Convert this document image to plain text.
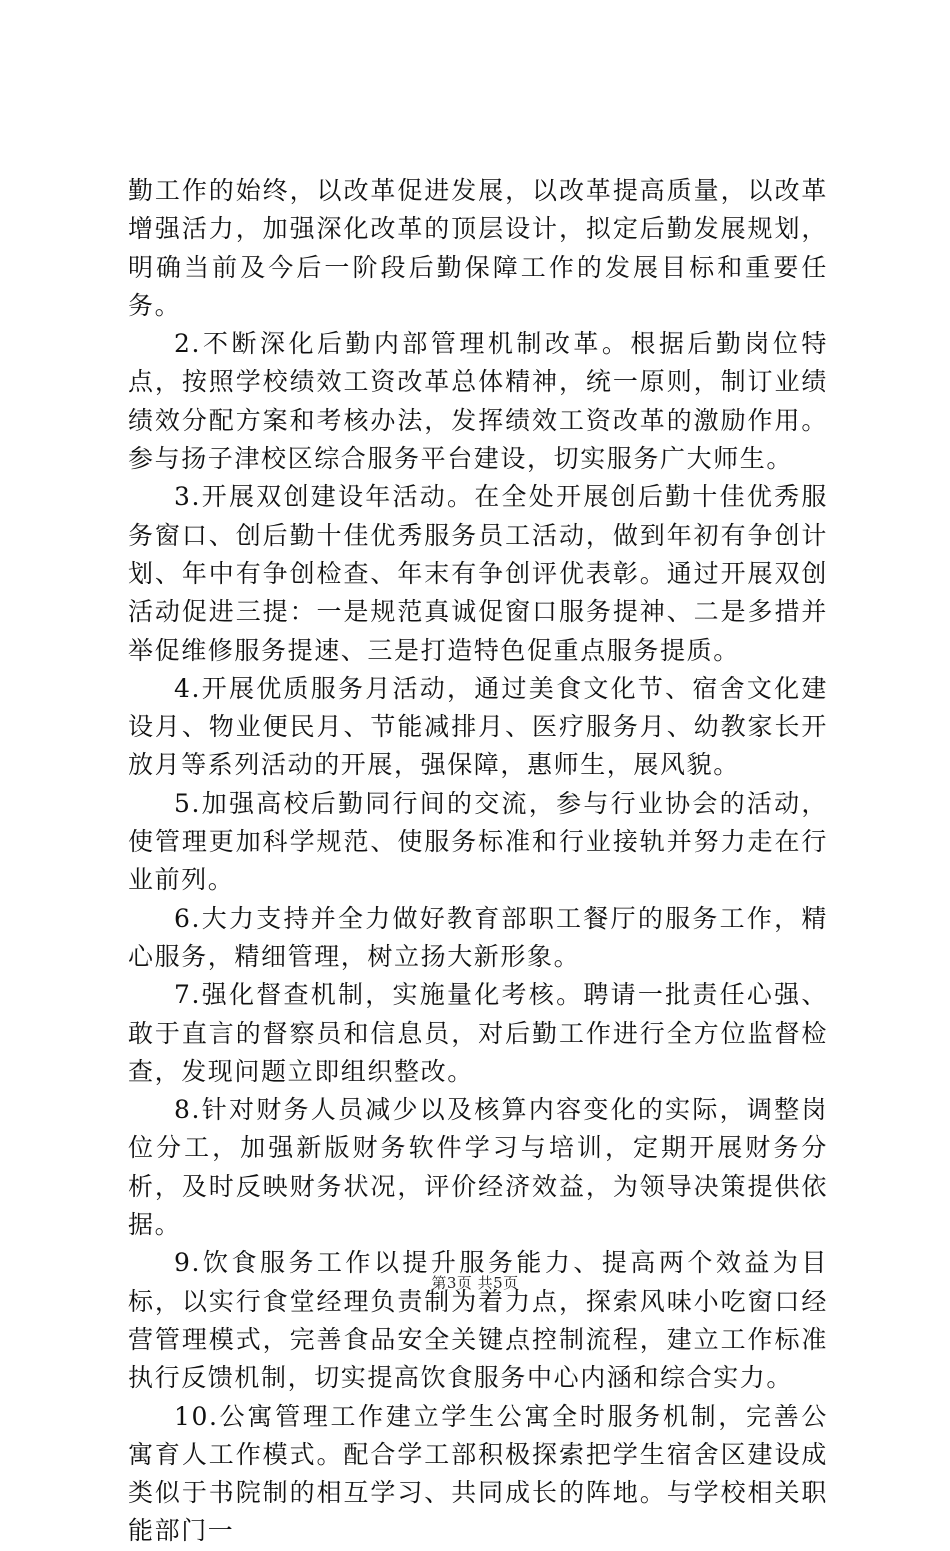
勤工作的始终，以改革促进发展，以改革提高质量，以改革增强活力，加强深化改革的顶层设计，拟定后勤发展规划，明确当前及今后一阶段后勤保障工作的发展目标和重要任务。

2.不断深化后勤内部管理机制改革。根据后勤岗位特点，按照学校绩效工资改革总体精神，统一原则，制订业绩绩效分配方案和考核办法，发挥绩效工资改革的激励作用。参与扬子津校区综合服务平台建设，切实服务广大师生。

3.开展双创建设年活动。在全处开展创后勤十佳优秀服务窗口、创后勤十佳优秀服务员工活动，做到年初有争创计划、年中有争创检查、年末有争创评优表彰。通过开展双创活动促进三提：一是规范真诚促窗口服务提神、二是多措并举促维修服务提速、三是打造特色促重点服务提质。

4.开展优质服务月活动，通过美食文化节、宿舍文化建设月、物业便民月、节能减排月、医疗服务月、幼教家长开放月等系列活动的开展，强保障，惠师生，展风貌。

5.加强高校后勤同行间的交流，参与行业协会的活动，使管理更加科学规范、使服务标准和行业接轨并努力走在行业前列。

6.大力支持并全力做好教育部职工餐厅的服务工作，精心服务，精细管理，树立扬大新形象。

7.强化督查机制，实施量化考核。聘请一批责任心强、敢于直言的督察员和信息员，对后勤工作进行全方位监督检查，发现问题立即组织整改。

8.针对财务人员减少以及核算内容变化的实际，调整岗位分工，加强新版财务软件学习与培训，定期开展财务分析，及时反映财务状况，评价经济效益，为领导决策提供依据。

9.饮食服务工作以提升服务能力、提高两个效益为目标，以实行食堂经理负责制为着力点，探索风味小吃窗口经营管理模式，完善食品安全关键点控制流程，建立工作标准执行反馈机制，切实提高饮食服务中心内涵和综合实力。

10.公寓管理工作建立学生公寓全时服务机制，完善公寓育人工作模式。配合学工部积极探索把学生宿舍区建设成类似于书院制的相互学习、共同成长的阵地。与学校相关职能部门一

第3页 共5页
